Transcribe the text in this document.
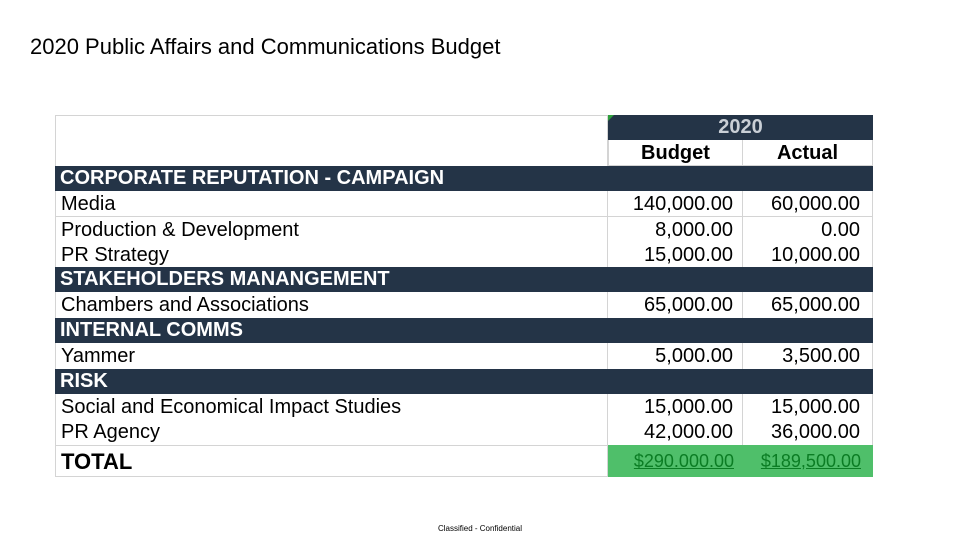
2020 Public Affairs and Communications Budget
2020
Budget	Actual
CORPORATE REPUTATION - CAMPAIGN
Media	140,000.00	60,000.00
Production & Development	8,000.00	0.00
PR Strategy	15,000.00	10,000.00
STAKEHOLDERS MANANGEMENT
Chambers and Associations	65,000.00	65,000.00
INTERNAL COMMS
Yammer	5,000.00	3,500.00
RISK
Social and Economical Impact Studies	15,000.00	15,000.00
PR Agency	42,000.00	36,000.00
TOTAL	$290.000.00	$189,500.00
Classified - Confidential
